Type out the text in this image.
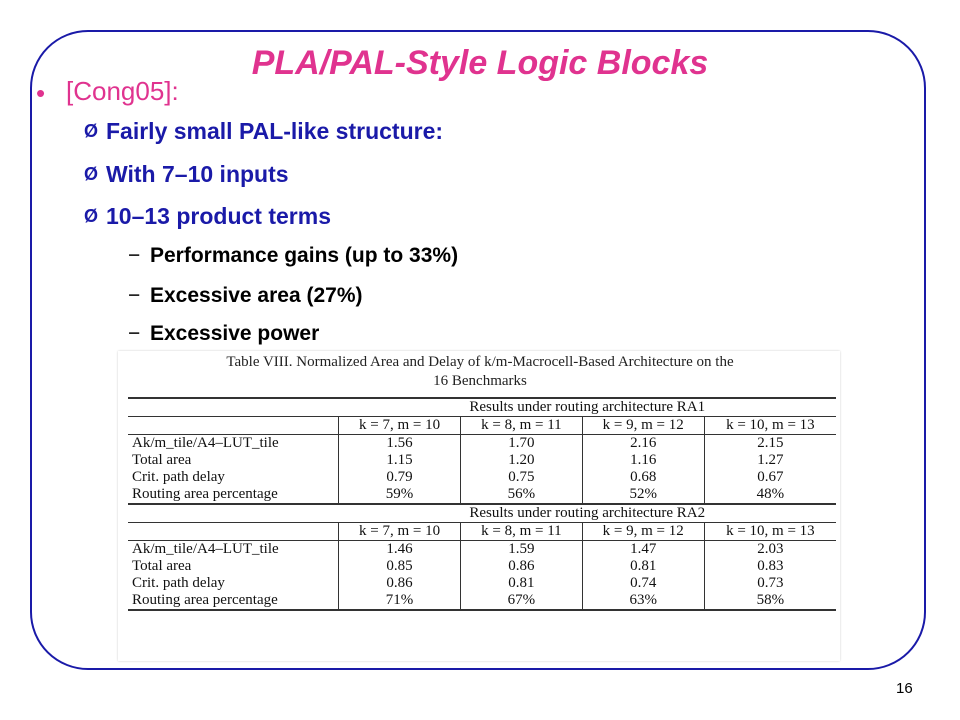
PLA/PAL-Style Logic Blocks
• [Cong05]:
Ø Fairly small PAL-like structure:
Ø With 7–10 inputs
Ø 10–13 product terms
− Performance gains (up to 33%)
− Excessive area (27%)
− Excessive power
Table VIII. Normalized Area and Delay of k/m-Macrocell-Based Architecture on the
16 Benchmarks
	Results under routing architecture RA1			
	k = 7, m = 10	k = 8, m = 11	k = 9, m = 12	k = 10, m = 13
Ak/m_tile/A4–LUT_tile	1.56	1.70	2.16	2.15
Total area	1.15	1.20	1.16	1.27
Crit. path delay	0.79	0.75	0.68	0.67
Routing area percentage	59%	56%	52%	48%
	Results under routing architecture RA2			
	k = 7, m = 10	k = 8, m = 11	k = 9, m = 12	k = 10, m = 13
Ak/m_tile/A4–LUT_tile	1.46	1.59	1.47	2.03
Total area	0.85	0.86	0.81	0.83
Crit. path delay	0.86	0.81	0.74	0.73
Routing area percentage	71%	67%	63%	58%
16
